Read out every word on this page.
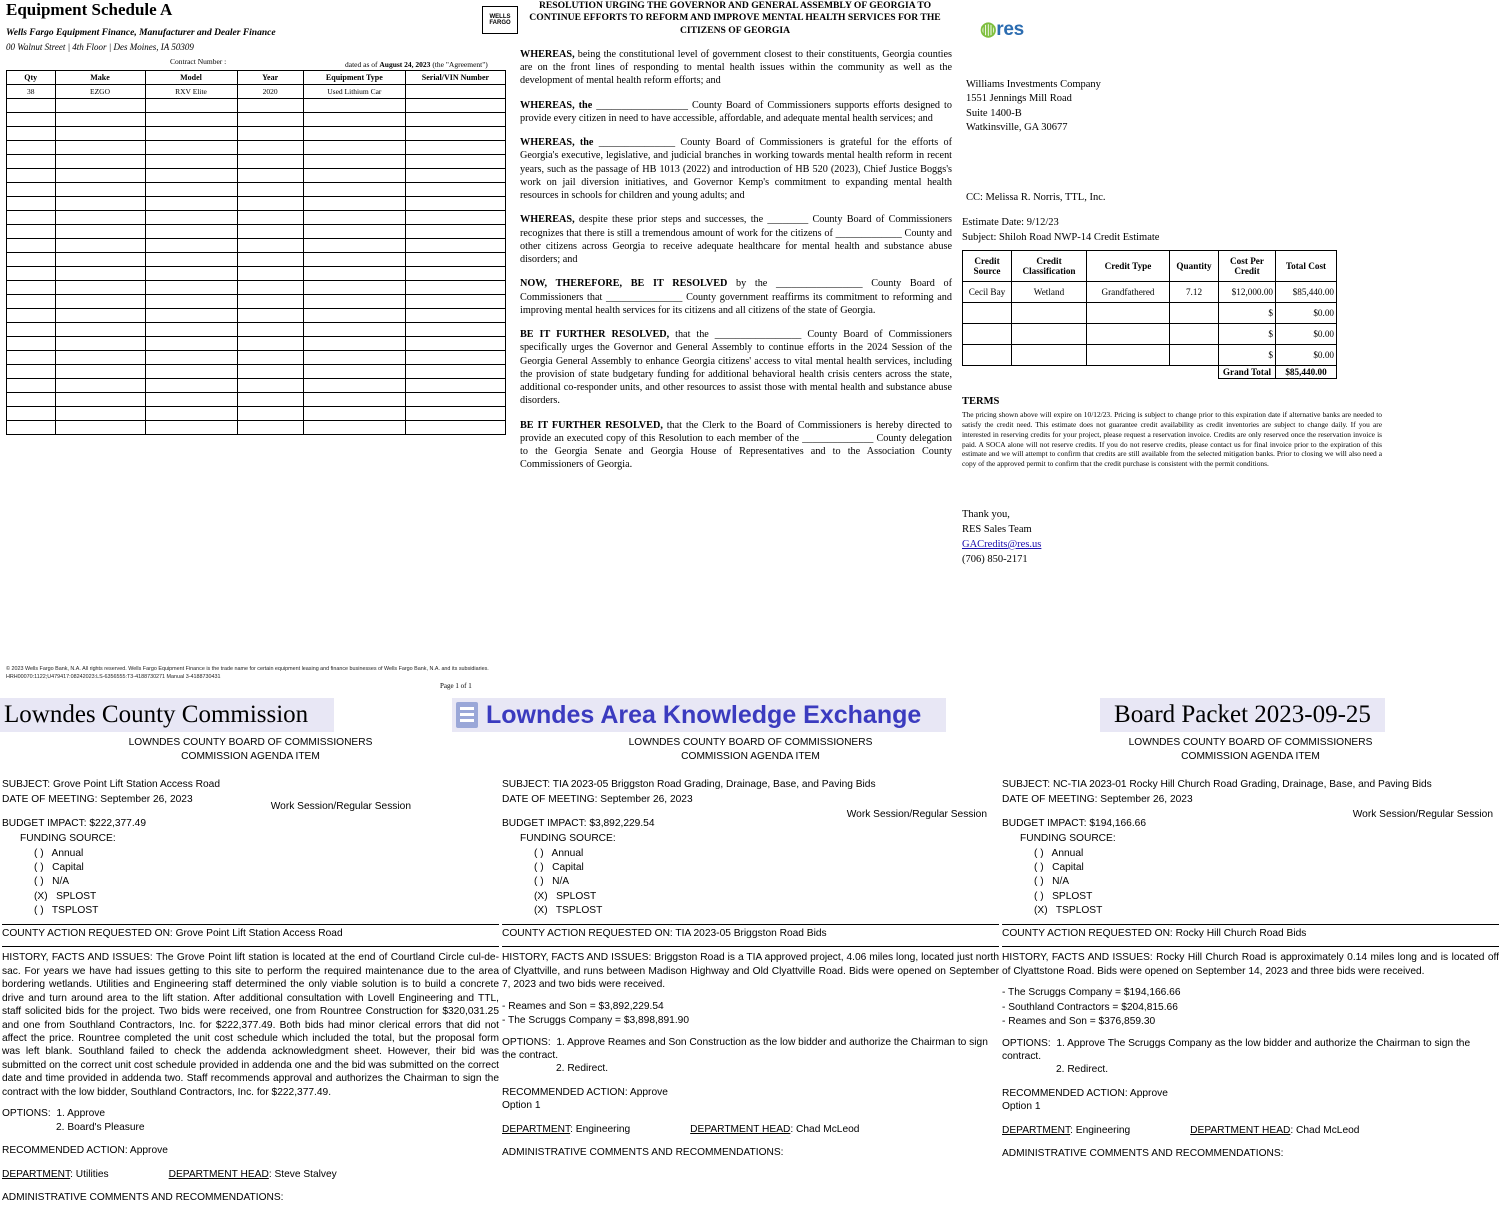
Equipment Schedule A
Wells Fargo Equipment Finance, Manufacturer and Dealer Finance
00 Walnut Street | 4th Floor | Des Moines, IA 50309
WELLS FARGO
Contract Number :	dated as of August 24, 2023 (the "Agreement")
Qty	Make	Model	Year	Equipment Type	Serial/VIN Number
38	EZGO	RXV Elite	2020	Used Lithium Car	

© 2023 Wells Fargo Bank, N.A. All rights reserved. Wells Fargo Equipment Finance is the trade name for certain equipment leasing and finance businesses of Wells Fargo Bank, N.A. and its subsidiaries. HRH00070:1122;U479417:08242023:LS-6356555:T3-4188730271 Manual 3-4188730431
Page 1 of 1
RESOLUTION URGING THE GOVERNOR AND GENERAL ASSEMBLY OF GEORGIA TO CONTINUE EFFORTS TO REFORM AND IMPROVE MENTAL HEALTH SERVICES FOR THE CITIZENS OF GEORGIA
WHEREAS, being the constitutional level of government closest to their constituents, Georgia counties are on the front lines of responding to mental health issues within the community as well as the development of mental health reform efforts; and
WHEREAS, the __________________ County Board of Commissioners supports efforts designed to provide every citizen in need to have accessible, affordable, and adequate mental health services; and
WHEREAS, the _______________ County Board of Commissioners is grateful for the efforts of Georgia's executive, legislative, and judicial branches in working towards mental health reform in recent years, such as the passage of HB 1013 (2022) and introduction of HB 520 (2023), Chief Justice Boggs's work on jail diversion initiatives, and Governor Kemp's commitment to expanding mental health resources in schools for children and young adults; and
WHEREAS, despite these prior steps and successes, the ________ County Board of Commissioners recognizes that there is still a tremendous amount of work for the citizens of _____________ County and other citizens across Georgia to receive adequate healthcare for mental health and substance abuse disorders; and
NOW, THEREFORE, BE IT RESOLVED by the _________________ County Board of Commissioners that _______________ County government reaffirms its commitment to reforming and improving mental health services for its citizens and all citizens of the state of Georgia.
BE IT FURTHER RESOLVED, that the _________________ County Board of Commissioners specifically urges the Governor and General Assembly to continue efforts in the 2024 Session of the Georgia General Assembly to enhance Georgia citizens' access to vital mental health services, including the provision of state budgetary funding for additional behavioral health crisis centers across the state, additional co-responder units, and other resources to assist those with mental health and substance abuse disorders.
BE IT FURTHER RESOLVED, that the Clerk to the Board of Commissioners is hereby directed to provide an executed copy of this Resolution to each member of the ______________ County delegation to the Georgia Senate and Georgia House of Representatives and to the Association County Commissioners of Georgia.
◍res
Williams Investments Company
1551 Jennings Mill Road
Suite 1400-B
Watkinsville, GA 30677
CC: Melissa R. Norris, TTL, Inc.
Estimate Date: 9/12/23
Subject: Shiloh Road NWP-14 Credit Estimate
Credit Source	Credit Classification	Credit Type	Quantity	Cost Per Credit	Total Cost
Cecil Bay	Wetland	Grandfathered	7.12	$12,000.00	$85,440.00
				$	$0.00
				$	$0.00
				$	$0.00
				Grand Total	$85,440.00
TERMS
The pricing shown above will expire on 10/12/23. Pricing is subject to change prior to this expiration date if alternative banks are needed to satisfy the credit need. This estimate does not guarantee credit availability as credit inventories are subject to change daily. If you are interested in reserving credits for your project, please request a reservation invoice. Credits are only reserved once the reservation invoice is paid. A SOCA alone will not reserve credits. If you do not reserve credits, please contact us for final invoice prior to the expiration of this estimate and we will attempt to confirm that credits are still available from the selected mitigation banks. Prior to closing we will also need a copy of the approved permit to confirm that the credit purchase is consistent with the permit conditions.
Thank you,
RES Sales Team
GACredits@res.us
(706) 850-2171
Lowndes County Commission	Lowndes Area Knowledge Exchange	Board Packet 2023-09-25
LOWNDES COUNTY BOARD OF COMMISSIONERS
COMMISSION AGENDA ITEM
SUBJECT: Grove Point Lift Station Access Road
DATE OF MEETING: September 26, 2023
Work Session/Regular Session
BUDGET IMPACT: $222,377.49
FUNDING SOURCE:
( )   Annual
( )   Capital
( )   N/A
(X)   SPLOST
( )   TSPLOST
COUNTY ACTION REQUESTED ON: Grove Point Lift Station Access Road
HISTORY, FACTS AND ISSUES: The Grove Point lift station is located at the end of Courtland Circle cul-de-sac. For years we have had issues getting to this site to perform the required maintenance due to the area bordering wetlands. Utilities and Engineering staff determined the only viable solution is to build a concrete drive and turn around area to the lift station. After additional consultation with Lovell Engineering and TTL, staff solicited bids for the project. Two bids were received, one from Rountree Construction for $320,031.25 and one from Southland Contractors, Inc. for $222,377.49. Both bids had minor clerical errors that did not affect the price. Rountree completed the unit cost schedule which included the total, but the proposal form was left blank. Southland failed to check the addenda acknowledgment sheet. However, their bid was submitted on the correct unit cost schedule provided in addenda one and the bid was submitted on the correct date and time provided in addenda two. Staff recommends approval and authorizes the Chairman to sign the contract with the low bidder, Southland Contractors, Inc. for $222,377.49.
OPTIONS:  1. Approve
2. Board's Pleasure
RECOMMENDED ACTION: Approve
DEPARTMENT: Utilities	DEPARTMENT HEAD: Steve Stalvey
ADMINISTRATIVE COMMENTS AND RECOMMENDATIONS:
LOWNDES COUNTY BOARD OF COMMISSIONERS
COMMISSION AGENDA ITEM
SUBJECT: TIA 2023-05 Briggston Road Grading, Drainage, Base, and Paving Bids
DATE OF MEETING: September 26, 2023
Work Session/Regular Session
BUDGET IMPACT: $3,892,229.54
FUNDING SOURCE:
( )   Annual
( )   Capital
( )   N/A
(X)   SPLOST
(X)   TSPLOST
COUNTY ACTION REQUESTED ON: TIA 2023-05 Briggston Road Bids
HISTORY, FACTS AND ISSUES: Briggston Road is a TIA approved project, 4.06 miles long, located just north of Clyattville, and runs between Madison Highway and Old Clyattville Road. Bids were opened on September 7, 2023 and two bids were received.
- Reames and Son = $3,892,229.54
- The Scruggs Company = $3,898,891.90
OPTIONS:  1. Approve Reames and Son Construction as the low bidder and authorize the Chairman to sign the contract.
2. Redirect.
RECOMMENDED ACTION: Approve
Option 1
DEPARTMENT: Engineering	DEPARTMENT HEAD: Chad McLeod
ADMINISTRATIVE COMMENTS AND RECOMMENDATIONS:
LOWNDES COUNTY BOARD OF COMMISSIONERS
COMMISSION AGENDA ITEM
SUBJECT: NC-TIA 2023-01 Rocky Hill Church Road Grading, Drainage, Base, and Paving Bids
DATE OF MEETING: September 26, 2023
Work Session/Regular Session
BUDGET IMPACT: $194,166.66
FUNDING SOURCE:
( )   Annual
( )   Capital
( )   N/A
( )   SPLOST
(X)   TSPLOST
COUNTY ACTION REQUESTED ON: Rocky Hill Church Road Bids
HISTORY, FACTS AND ISSUES: Rocky Hill Church Road is approximately 0.14 miles long and is located off of Clyattstone Road. Bids were opened on September 14, 2023 and three bids were received.
- The Scruggs Company = $194,166.66
- Southland Contractors = $204,815.66
- Reames and Son = $376,859.30
OPTIONS:  1. Approve The Scruggs Company as the low bidder and authorize the Chairman to sign the contract.
2. Redirect.
RECOMMENDED ACTION: Approve
Option 1
DEPARTMENT: Engineering	DEPARTMENT HEAD: Chad McLeod
ADMINISTRATIVE COMMENTS AND RECOMMENDATIONS:
